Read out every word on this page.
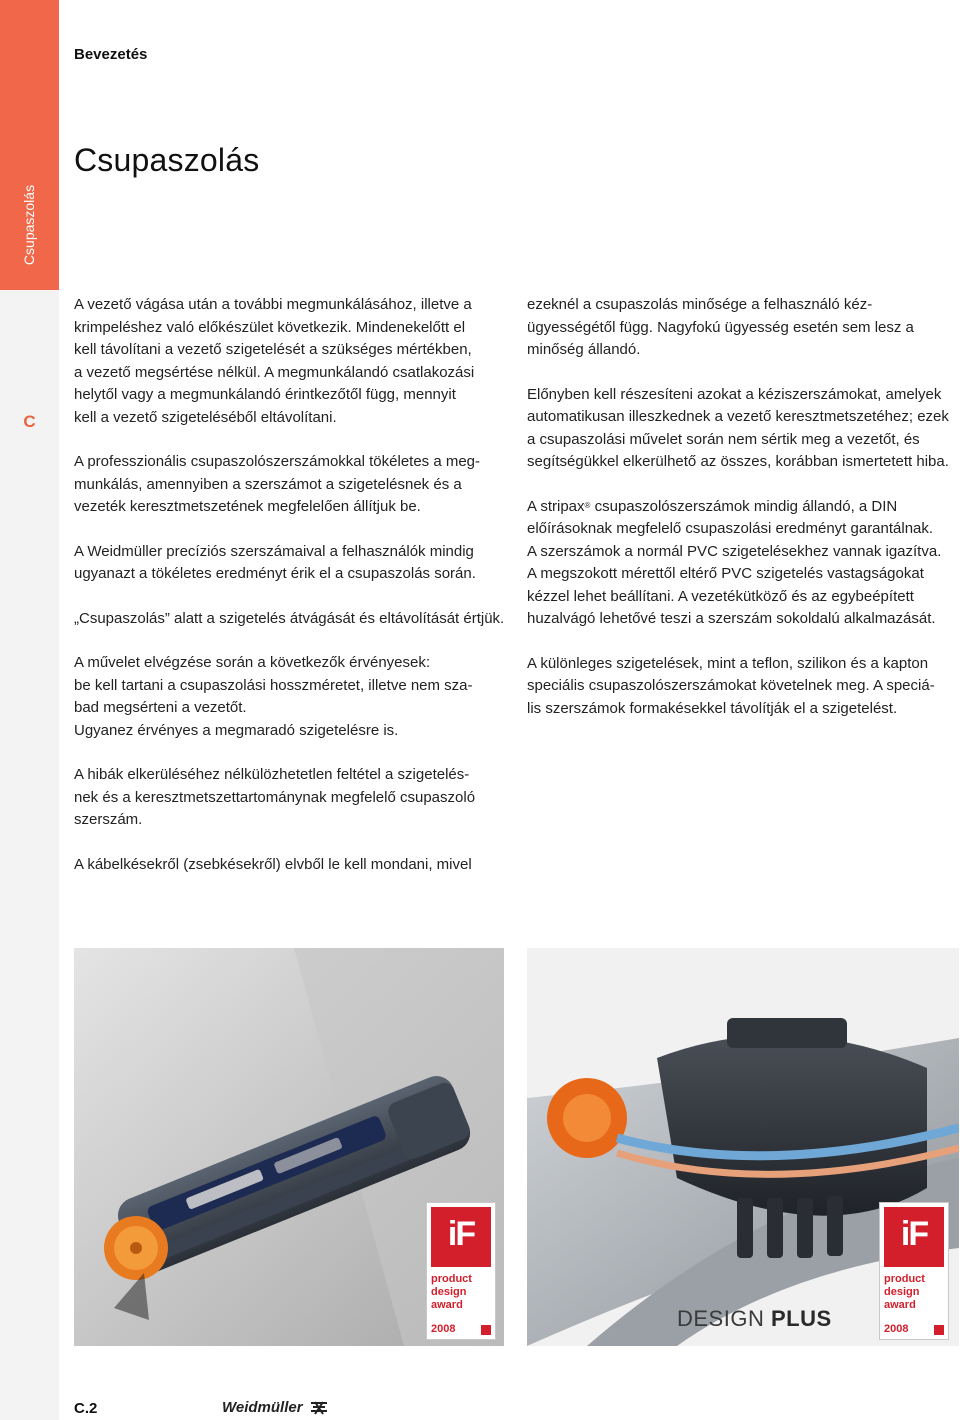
Csupaszolás
C
Bevezetés
Csupaszolás

A vezető vágása után a további megmunkálásához, illetve a
krimpeléshez való előkészület következik. Mindenekelőtt el
kell távolítani a vezető szigetelését a szükséges mértékben,
a vezető megsértése nélkül. A megmunkálandó csatlakozási
helytől vagy a megmunkálandó érintkezőtől függ, mennyit
kell a vezető szigeteléséből eltávolítani.

A professzionális csupaszolószerszámokkal tökéletes a meg-
munkálás, amennyiben a szerszámot a szigetelésnek és a
vezeték keresztmetszetének megfelelően állítjuk be.

A Weidmüller precíziós szerszámaival a felhasználók mindig
ugyanazt a tökéletes eredményt érik el a csupaszolás során.

„Csupaszolás” alatt a szigetelés átvágását és eltávolítását értjük.

A művelet elvégzése során a következők érvényesek:
be kell tartani a csupaszolási hosszméretet, illetve nem sza-
bad megsérteni a vezetőt.
Ugyanez érvényes a megmaradó szigetelésre is.

A hibák elkerüléséhez nélkülözhetetlen feltétel a szigetelés-
nek és a keresztmetszettartománynak megfelelő csupaszoló
szerszám.

A kábelkésekről (zsebkésekről) elvből le kell mondani, mivel

ezeknél a csupaszolás minősége a felhasználó kéz-
ügyességétől függ. Nagyfokú ügyesség esetén sem lesz a
minőség állandó.

Előnyben kell részesíteni azokat a kéziszerszámokat, amelyek
automatikusan illeszkednek a vezető keresztmetszetéhez; ezek
a csupaszolási művelet során nem sértik meg a vezetőt, és
segítségükkel elkerülhető az összes, korábban ismertetett hiba.

A stripax® csupaszolószerszámok mindig állandó, a DIN
előírásoknak megfelelő csupaszolási eredményt garantálnak.
A szerszámok a normál PVC szigetelésekhez vannak igazítva.
A megszokott mérettől eltérő PVC szigetelés vastagságokat
kézzel lehet beállítani. A vezetékütköző és az egybeépített
huzalvágó lehetővé teszi a szerszám sokoldalú alkalmazását.

A különleges szigetelések, mint a teflon, szilikon és a kapton
speciális csupaszolószerszámokat követelnek meg. A speciá-
lis szerszámok formakésekkel távolítják el a szigetelést.

iF
product
design
award
2008
DESIGN PLUS
iF
product
design
award
2008
C.2	Weidmüller
